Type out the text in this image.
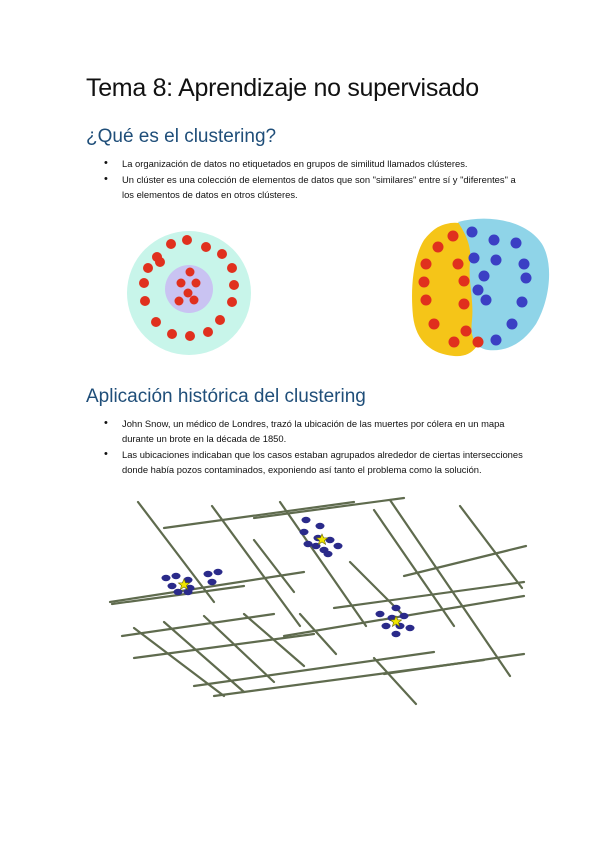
Tema 8: Aprendizaje no supervisado
¿Qué es el clustering?
• La organización de datos no etiquetados en grupos de similitud llamados clústeres.
• Un clúster es una colección de elementos de datos que son "similares" entre sí y "diferentes" a los elementos de datos en otros clústeres.
Aplicación histórica del clustering
• John Snow, un médico de Londres, trazó la ubicación de las muertes por cólera en un mapa durante un brote en la década de 1850.
• Las ubicaciones indicaban que los casos estaban agrupados alrededor de ciertas intersecciones donde había pozos contaminados, exponiendo así tanto el problema como la solución.
